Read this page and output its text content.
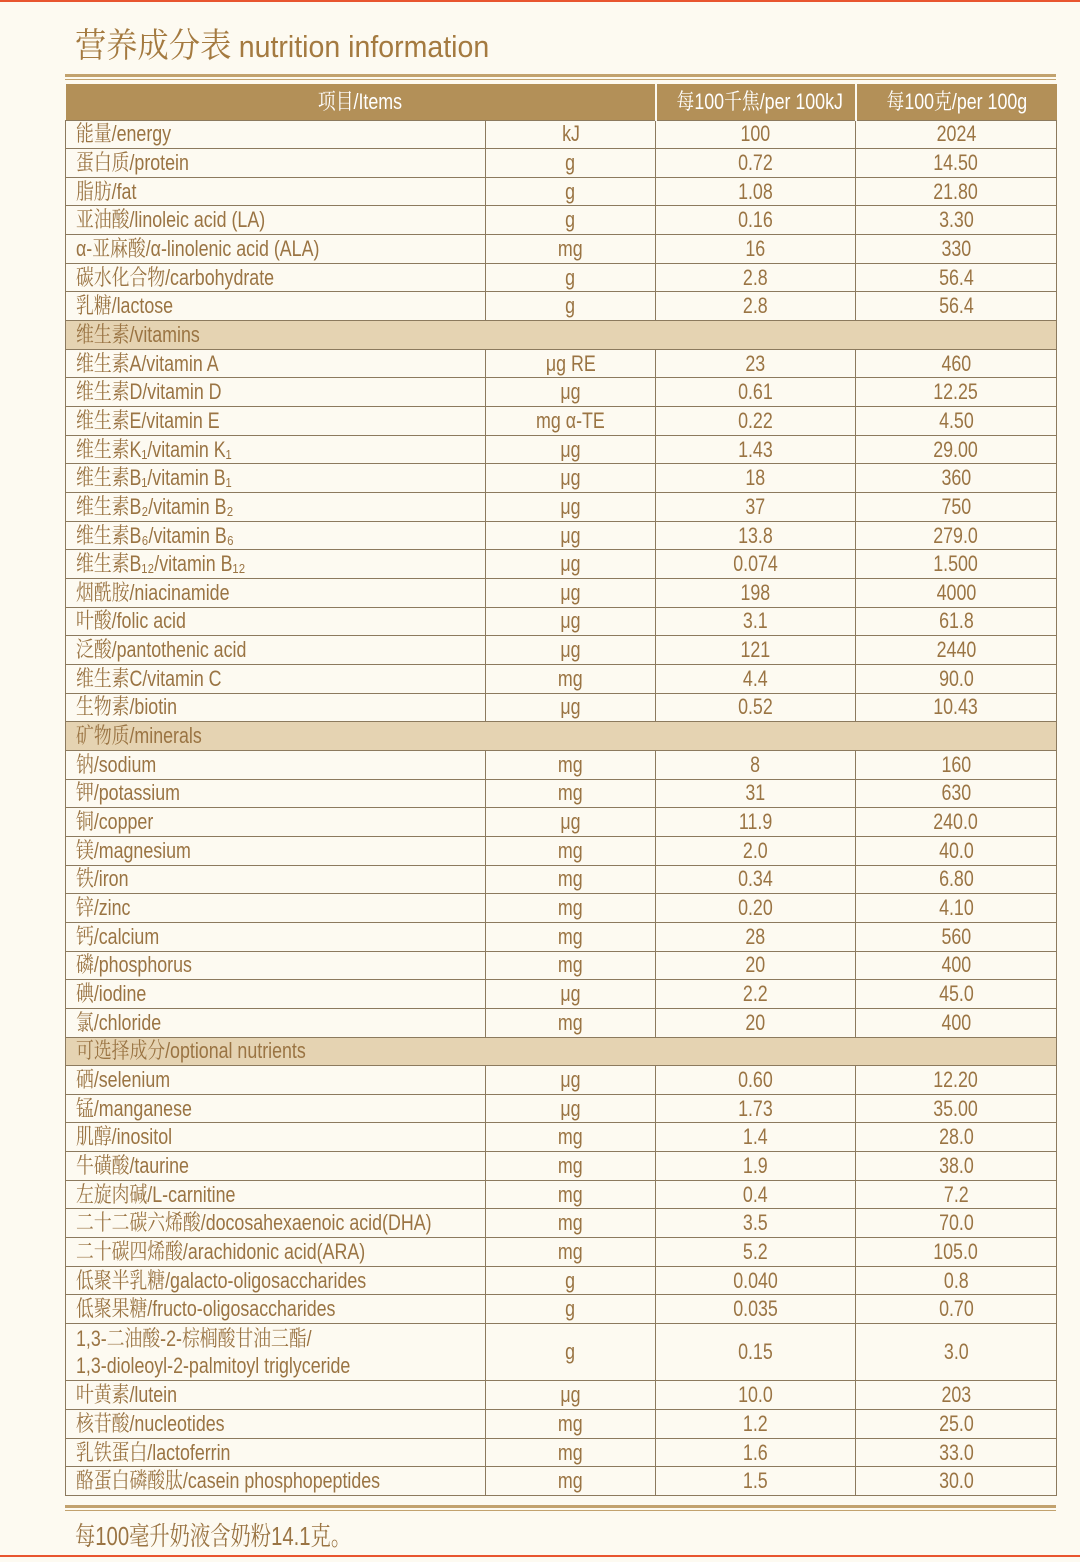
营养成分表 nutrition information
项目/Items		每100千焦/per 100kJ	每100克/per 100g
能量/energy	kJ	100	2024
蛋白质/protein	g	0.72	14.50
脂肪/fat	g	1.08	21.80
亚油酸/linoleic acid (LA)	g	0.16	3.30
α-亚麻酸/α-linolenic acid (ALA)	mg	16	330
碳水化合物/carbohydrate	g	2.8	56.4
乳糖/lactose	g	2.8	56.4
维生素/vitamins			
维生素A/vitamin A	μg RE	23	460
维生素D/vitamin D	μg	0.61	12.25
维生素E/vitamin E	mg α-TE	0.22	4.50
维生素K₁/vitamin K₁	μg	1.43	29.00
维生素B₁/vitamin B₁	μg	18	360
维生素B₂/vitamin B₂	μg	37	750
维生素B₆/vitamin B₆	μg	13.8	279.0
维生素B₁₂/vitamin B₁₂	μg	0.074	1.500
烟酰胺/niacinamide	μg	198	4000
叶酸/folic acid	μg	3.1	61.8
泛酸/pantothenic acid	μg	121	2440
维生素C/vitamin C	mg	4.4	90.0
生物素/biotin	μg	0.52	10.43
矿物质/minerals			
钠/sodium	mg	8	160
钾/potassium	mg	31	630
铜/copper	μg	11.9	240.0
镁/magnesium	mg	2.0	40.0
铁/iron	mg	0.34	6.80
锌/zinc	mg	0.20	4.10
钙/calcium	mg	28	560
磷/phosphorus	mg	20	400
碘/iodine	μg	2.2	45.0
氯/chloride	mg	20	400
可选择成分/optional nutrients			
硒/selenium	μg	0.60	12.20
锰/manganese	μg	1.73	35.00
肌醇/inositol	mg	1.4	28.0
牛磺酸/taurine	mg	1.9	38.0
左旋肉碱/L-carnitine	mg	0.4	7.2
二十二碳六烯酸/docosahexaenoic acid(DHA)	mg	3.5	70.0
二十碳四烯酸/arachidonic acid(ARA)	mg	5.2	105.0
低聚半乳糖/galacto-oligosaccharides	g	0.040	0.8
低聚果糖/fructo-oligosaccharides	g	0.035	0.70
1,3-二油酸-2-棕榈酸甘油三酯/
1,3-dioleoyl-2-palmitoyl triglyceride	g	0.15	3.0
叶黄素/lutein	μg	10.0	203
核苷酸/nucleotides	mg	1.2	25.0
乳铁蛋白/lactoferrin	mg	1.6	33.0
酪蛋白磷酸肽/casein phosphopeptides	mg	1.5	30.0
每100毫升奶液含奶粉14.1克。
